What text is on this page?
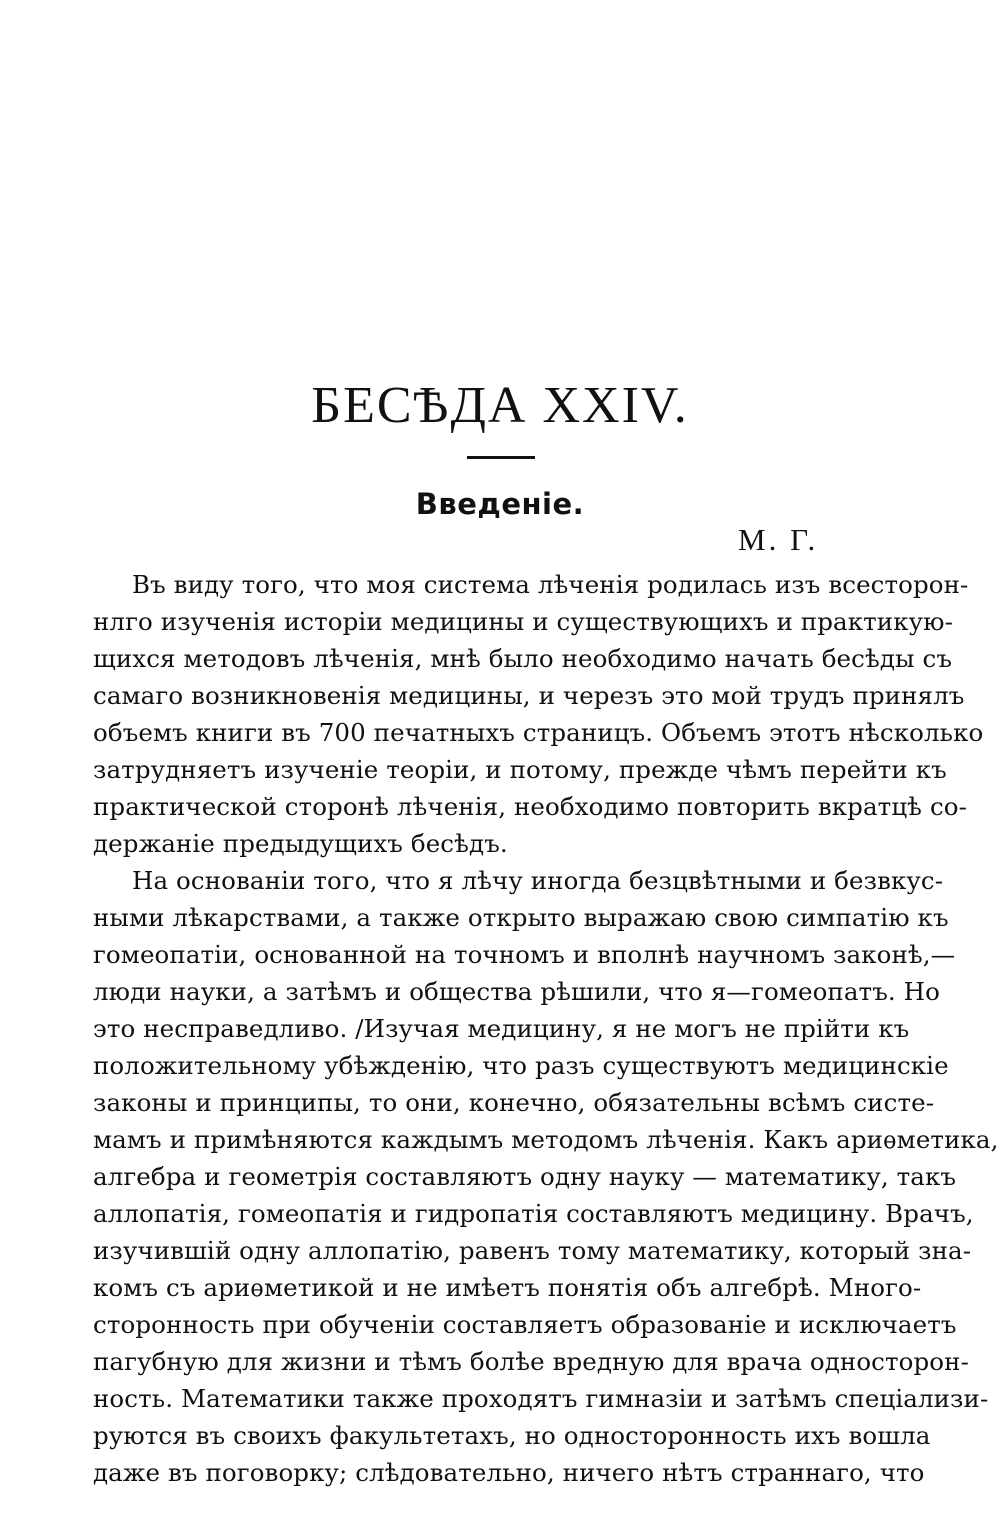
БЕСѢДА XXIV.
Введеніе.
М. Г.
Въ виду того, что моя система лѣченія родилась изъ всесторон-
нлго изученія исторіи медицины и существующихъ и практикую-
щихся методовъ лѣченія, мнѣ было необходимо начать бесѣды съ
самаго возникновенія медицины, и черезъ это мой трудъ принялъ
объемъ книги въ 700 печатныхъ страницъ. Объемъ этотъ нѣсколько
затрудняетъ изученіе теоріи, и потому, прежде чѣмъ перейти къ
практической сторонѣ лѣченія, необходимо повторить вкратцѣ со-
держаніе предыдущихъ бесѣдъ.
На основаніи того, что я лѣчу иногда безцвѣтными и безвкус-
ными лѣкарствами, а также открыто выражаю свою симпатію къ
гомеопатіи, основанной на точномъ и вполнѣ научномъ законѣ,—
люди науки, а затѣмъ и общества рѣшили, что я—гомеопатъ. Но
это несправедливо. /Изучая медицину, я не могъ не прійти къ
положительному убѣжденію, что разъ существуютъ медицинскіе
законы и принципы, то они, конечно, обязательны всѣмъ систе-
мамъ и примѣняются каждымъ методомъ лѣченія. Какъ ариѳметика,
алгебра и геометрія составляютъ одну науку — математику, такъ
аллопатія, гомеопатія и гидропатія составляютъ медицину. Врачъ,
изучившій одну аллопатію, равенъ тому математику, который зна-
комъ съ ариѳметикой и не имѣетъ понятія объ алгебрѣ. Много-
сторонность при обученіи составляетъ образованіе и исключаетъ
пагубную для жизни и тѣмъ болѣе вредную для врача односторон-
ность. Математики также проходятъ гимназіи и затѣмъ спеціализи-
руются въ своихъ факультетахъ, но односторонность ихъ вошла
даже въ поговорку; слѣдовательно, ничего нѣтъ страннаго, что
